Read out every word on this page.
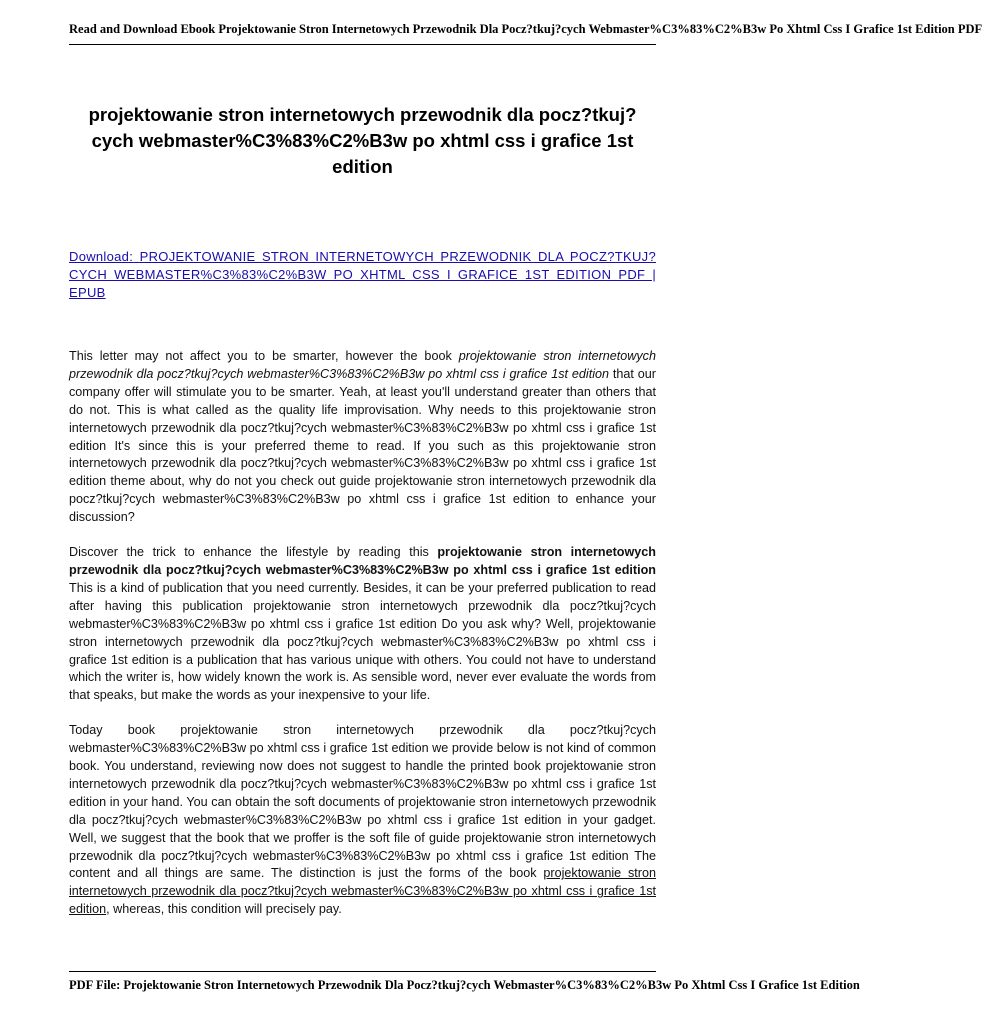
Read and Download Ebook Projektowanie Stron Internetowych Przewodnik Dla Pocz?tkuj?cych Webmaster%C3%83%C2%B3w Po Xhtml Css I Grafice 1st Edition PDF
projektowanie stron internetowych przewodnik dla pocz?tkuj?cych webmaster%C3%83%C2%B3w po xhtml css i grafice 1st edition
Download: PROJEKTOWANIE STRON INTERNETOWYCH PRZEWODNIK DLA POCZ?TKUJ?CYCH WEBMASTER%C3%83%C2%B3W PO XHTML CSS I GRAFICE 1ST EDITION PDF | EPUB

This letter may not affect you to be smarter, however the book projektowanie stron internetowych przewodnik dla pocz?tkuj?cych webmaster%C3%83%C2%B3w po xhtml css i grafice 1st edition that our company offer will stimulate you to be smarter. Yeah, at least you'll understand greater than others that do not. This is what called as the quality life improvisation. Why needs to this projektowanie stron internetowych przewodnik dla pocz?tkuj?cych webmaster%C3%83%C2%B3w po xhtml css i grafice 1st edition It's since this is your preferred theme to read. If you such as this projektowanie stron internetowych przewodnik dla pocz?tkuj?cych webmaster%C3%83%C2%B3w po xhtml css i grafice 1st edition theme about, why do not you check out guide projektowanie stron internetowych przewodnik dla pocz?tkuj?cych webmaster%C3%83%C2%B3w po xhtml css i grafice 1st edition to enhance your discussion?

Discover the trick to enhance the lifestyle by reading this projektowanie stron internetowych przewodnik dla pocz?tkuj?cych webmaster%C3%83%C2%B3w po xhtml css i grafice 1st edition This is a kind of publication that you need currently. Besides, it can be your preferred publication to read after having this publication projektowanie stron internetowych przewodnik dla pocz?tkuj?cych webmaster%C3%83%C2%B3w po xhtml css i grafice 1st edition Do you ask why? Well, projektowanie stron internetowych przewodnik dla pocz?tkuj?cych webmaster%C3%83%C2%B3w po xhtml css i grafice 1st edition is a publication that has various unique with others. You could not have to understand which the writer is, how widely known the work is. As sensible word, never ever evaluate the words from that speaks, but make the words as your inexpensive to your life.

Today book projektowanie stron internetowych przewodnik dla pocz?tkuj?cych webmaster%C3%83%C2%B3w po xhtml css i grafice 1st edition we provide below is not kind of common book. You understand, reviewing now does not suggest to handle the printed book projektowanie stron internetowych przewodnik dla pocz?tkuj?cych webmaster%C3%83%C2%B3w po xhtml css i grafice 1st edition in your hand. You can obtain the soft documents of projektowanie stron internetowych przewodnik dla pocz?tkuj?cych webmaster%C3%83%C2%B3w po xhtml css i grafice 1st edition in your gadget. Well, we suggest that the book that we proffer is the soft file of guide projektowanie stron internetowych przewodnik dla pocz?tkuj?cych webmaster%C3%83%C2%B3w po xhtml css i grafice 1st edition The content and all things are same. The distinction is just the forms of the book projektowanie stron internetowych przewodnik dla pocz?tkuj?cych webmaster%C3%83%C2%B3w po xhtml css i grafice 1st edition, whereas, this condition will precisely pay.

PDF File: Projektowanie Stron Internetowych Przewodnik Dla Pocz?tkuj?cych Webmaster%C3%83%C2%B3w Po Xhtml Css I Grafice 1st Edition
